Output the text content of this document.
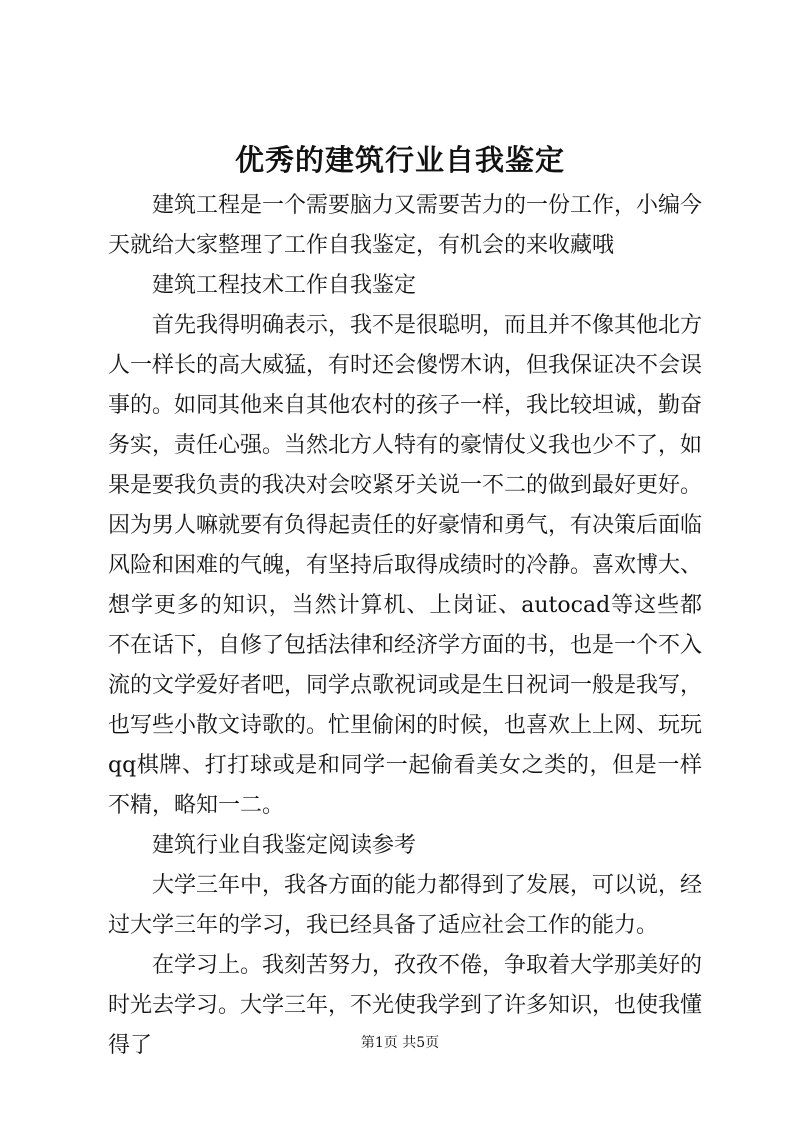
优秀的建筑行业自我鉴定

建筑工程是一个需要脑力又需要苦力的一份工作，小编今天就给大家整理了工作自我鉴定，有机会的来收藏哦

建筑工程技术工作自我鉴定

首先我得明确表示，我不是很聪明，而且并不像其他北方人一样长的高大威猛，有时还会傻愣木讷，但我保证决不会误事的。如同其他来自其他农村的孩子一样，我比较坦诚，勤奋务实，责任心强。当然北方人特有的豪情仗义我也少不了，如果是要我负责的我决对会咬紧牙关说一不二的做到最好更好。因为男人嘛就要有负得起责任的好豪情和勇气，有决策后面临风险和困难的气魄，有坚持后取得成绩时的冷静。喜欢博大、想学更多的知识，当然计算机、上岗证、autocad等这些都不在话下，自修了包括法律和经济学方面的书，也是一个不入流的文学爱好者吧，同学点歌祝词或是生日祝词一般是我写，也写些小散文诗歌的。忙里偷闲的时候，也喜欢上上网、玩玩qq棋牌、打打球或是和同学一起偷看美女之类的，但是一样不精，略知一二。

建筑行业自我鉴定阅读参考

大学三年中，我各方面的能力都得到了发展，可以说，经过大学三年的学习，我已经具备了适应社会工作的能力。

在学习上。我刻苦努力，孜孜不倦，争取着大学那美好的时光去学习。大学三年，不光使我学到了许多知识，也使我懂得了	第1页 共5页
